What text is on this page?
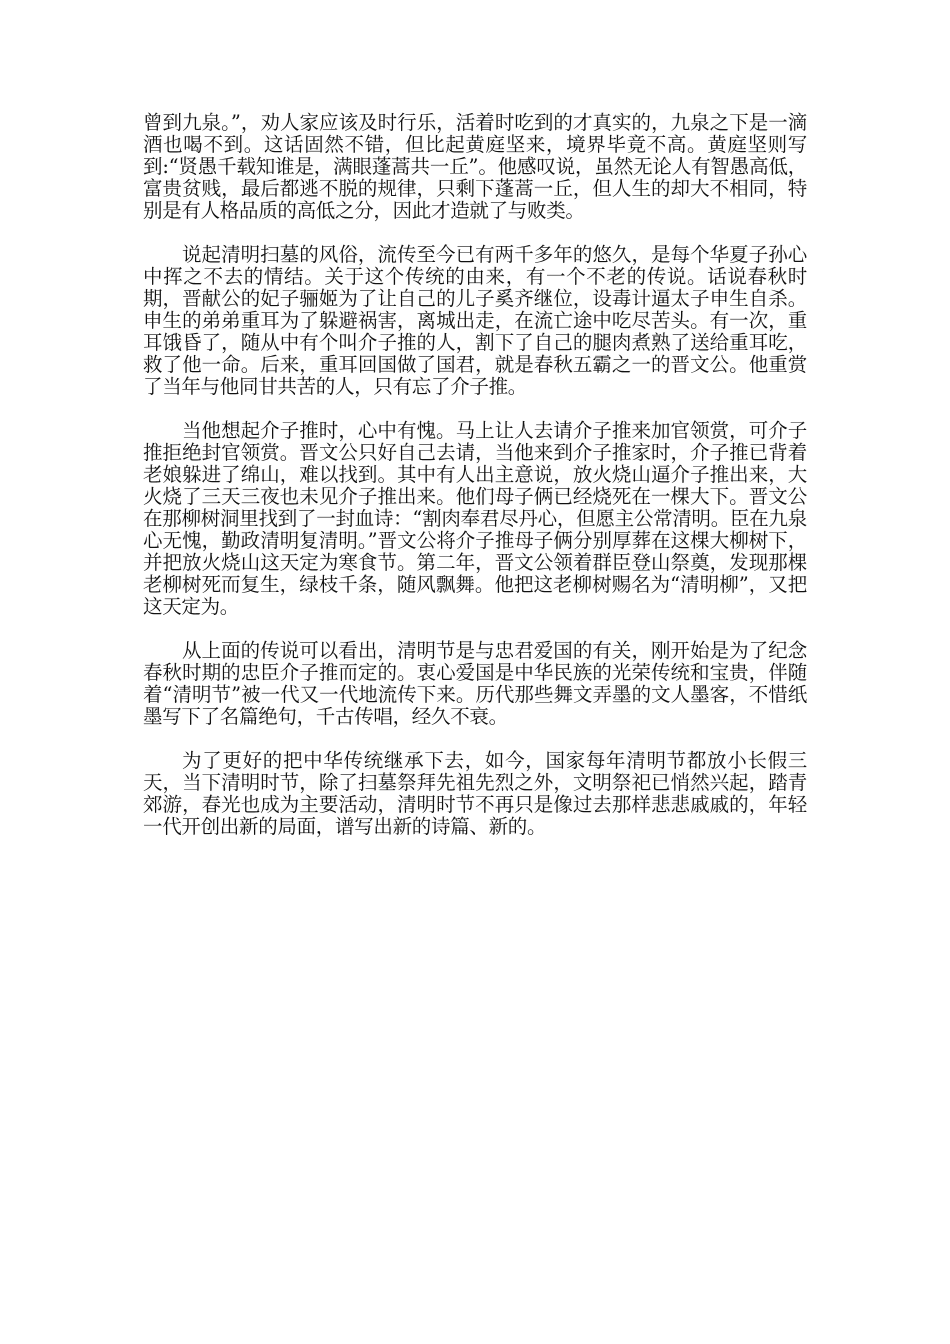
曾到九泉。”，劝人家应该及时行乐，活着时吃到的才真实的，九泉之下是一滴酒也喝不到。这话固然不错，但比起黄庭坚来，境界毕竟不高。黄庭坚则写到:“贤愚千载知谁是，满眼蓬蒿共一丘”。他感叹说，虽然无论人有智愚高低，富贵贫贱，最后都逃不脱的规律，只剩下蓬蒿一丘，但人生的却大不相同，特别是有人格品质的高低之分，因此才造就了与败类。

说起清明扫墓的风俗，流传至今已有两千多年的悠久，是每个华夏子孙心中挥之不去的情结。关于这个传统的由来，有一个不老的传说。话说春秋时期，晋献公的妃子骊姬为了让自己的儿子奚齐继位，设毒计逼太子申生自杀。申生的弟弟重耳为了躲避祸害，离城出走，在流亡途中吃尽苦头。有一次，重耳饿昏了，随从中有个叫介子推的人，割下了自己的腿肉煮熟了送给重耳吃，救了他一命。后来，重耳回国做了国君，就是春秋五霸之一的晋文公。他重赏了当年与他同甘共苦的人，只有忘了介子推。

当他想起介子推时，心中有愧。马上让人去请介子推来加官领赏，可介子推拒绝封官领赏。晋文公只好自己去请，当他来到介子推家时，介子推已背着老娘躲进了绵山，难以找到。其中有人出主意说，放火烧山逼介子推出来，大火烧了三天三夜也未见介子推出来。他们母子俩已经烧死在一棵大下。晋文公在那柳树洞里找到了一封血诗：“割肉奉君尽丹心，但愿主公常清明。臣在九泉心无愧，勤政清明复清明。”晋文公将介子推母子俩分别厚葬在这棵大柳树下，并把放火烧山这天定为寒食节。第二年，晋文公领着群臣登山祭奠，发现那棵老柳树死而复生，绿枝千条，随风飘舞。他把这老柳树赐名为“清明柳”，又把这天定为。

从上面的传说可以看出，清明节是与忠君爱国的有关，刚开始是为了纪念春秋时期的忠臣介子推而定的。衷心爱国是中华民族的光荣传统和宝贵，伴随着“清明节”被一代又一代地流传下来。历代那些舞文弄墨的文人墨客，不惜纸墨写下了名篇绝句，千古传唱，经久不衰。

为了更好的把中华传统继承下去，如今，国家每年清明节都放小长假三天，当下清明时节，除了扫墓祭拜先祖先烈之外，文明祭祀已悄然兴起，踏青郊游，春光也成为主要活动，清明时节不再只是像过去那样悲悲戚戚的，年轻一代开创出新的局面，谱写出新的诗篇、新的。
